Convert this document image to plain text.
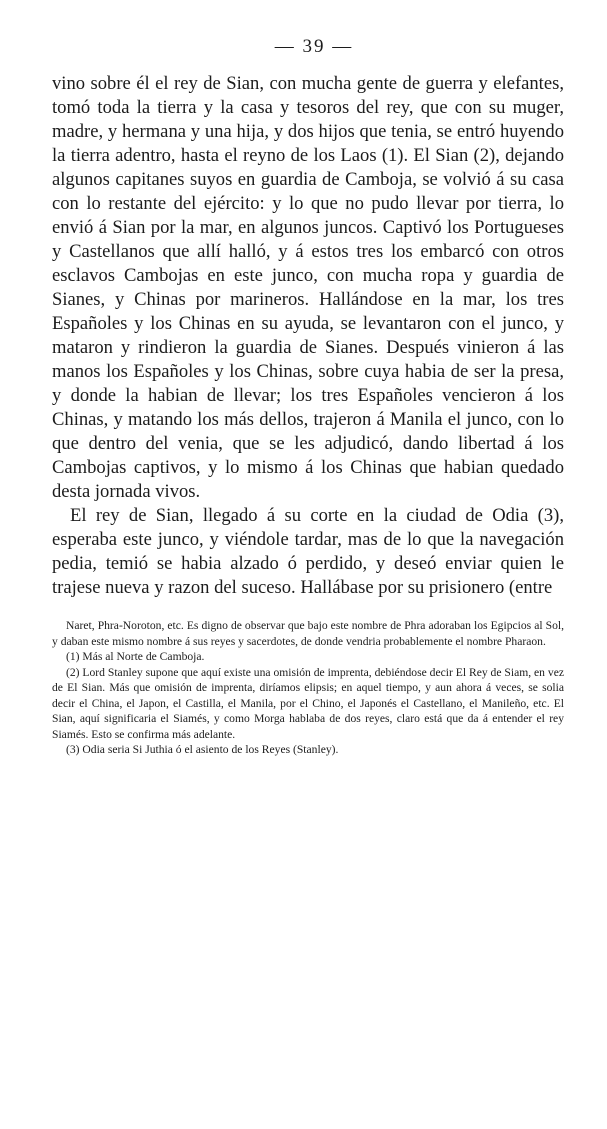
— 39 —

vino sobre él el rey de Sian, con mucha gente de guerra y elefantes, tomó toda la tierra y la casa y tesoros del rey, que con su muger, madre, y hermana y una hija, y dos hijos que tenia, se entró huyendo la tierra adentro, hasta el reyno de los Laos (1). El Sian (2), dejando algunos capitanes suyos en guardia de Camboja, se volvió á su casa con lo restante del ejército: y lo que no pudo llevar por tierra, lo envió á Sian por la mar, en algunos juncos. Captivó los Portugueses y Castellanos que allí halló, y á estos tres los embarcó con otros esclavos Cambojas en este junco, con mucha ropa y guardia de Sianes, y Chinas por marineros. Hallándose en la mar, los tres Españoles y los Chinas en su ayuda, se levantaron con el junco, y mataron y rindieron la guardia de Sianes. Después vinieron á las manos los Españoles y los Chinas, sobre cuya habia de ser la presa, y donde la habian de llevar; los tres Españoles vencieron á los Chinas, y matando los más dellos, trajeron á Manila el junco, con lo que dentro del venia, que se les adjudicó, dando libertad á los Cambojas captivos, y lo mismo á los Chinas que habian quedado desta jornada vivos.

El rey de Sian, llegado á su corte en la ciudad de Odia (3), esperaba este junco, y viéndole tardar, mas de lo que la navegación pedia, temió se habia alzado ó perdido, y deseó enviar quien le trajese nueva y razon del suceso. Hallábase por su prisionero (entre

Naret, Phra-Noroton, etc. Es digno de observar que bajo este nombre de Phra adoraban los Egipcios al Sol, y daban este mismo nombre á sus reyes y sacerdotes, de donde vendria probablemente el nombre Pharaon.

(1) Más al Norte de Camboja.

(2) Lord Stanley supone que aquí existe una omisión de imprenta, debiéndose decir El Rey de Siam, en vez de El Sian. Más que omisión de imprenta, diríamos elipsis; en aquel tiempo, y aun ahora á veces, se solia decir el China, el Japon, el Castilla, el Manila, por el Chino, el Japonés el Castellano, el Manileño, etc. El Sian, aquí significaria el Siamés, y como Morga hablaba de dos reyes, claro está que da á entender el rey Siamés. Esto se confirma más adelante.

(3) Odia seria Si Juthia ó el asiento de los Reyes (Stanley).
